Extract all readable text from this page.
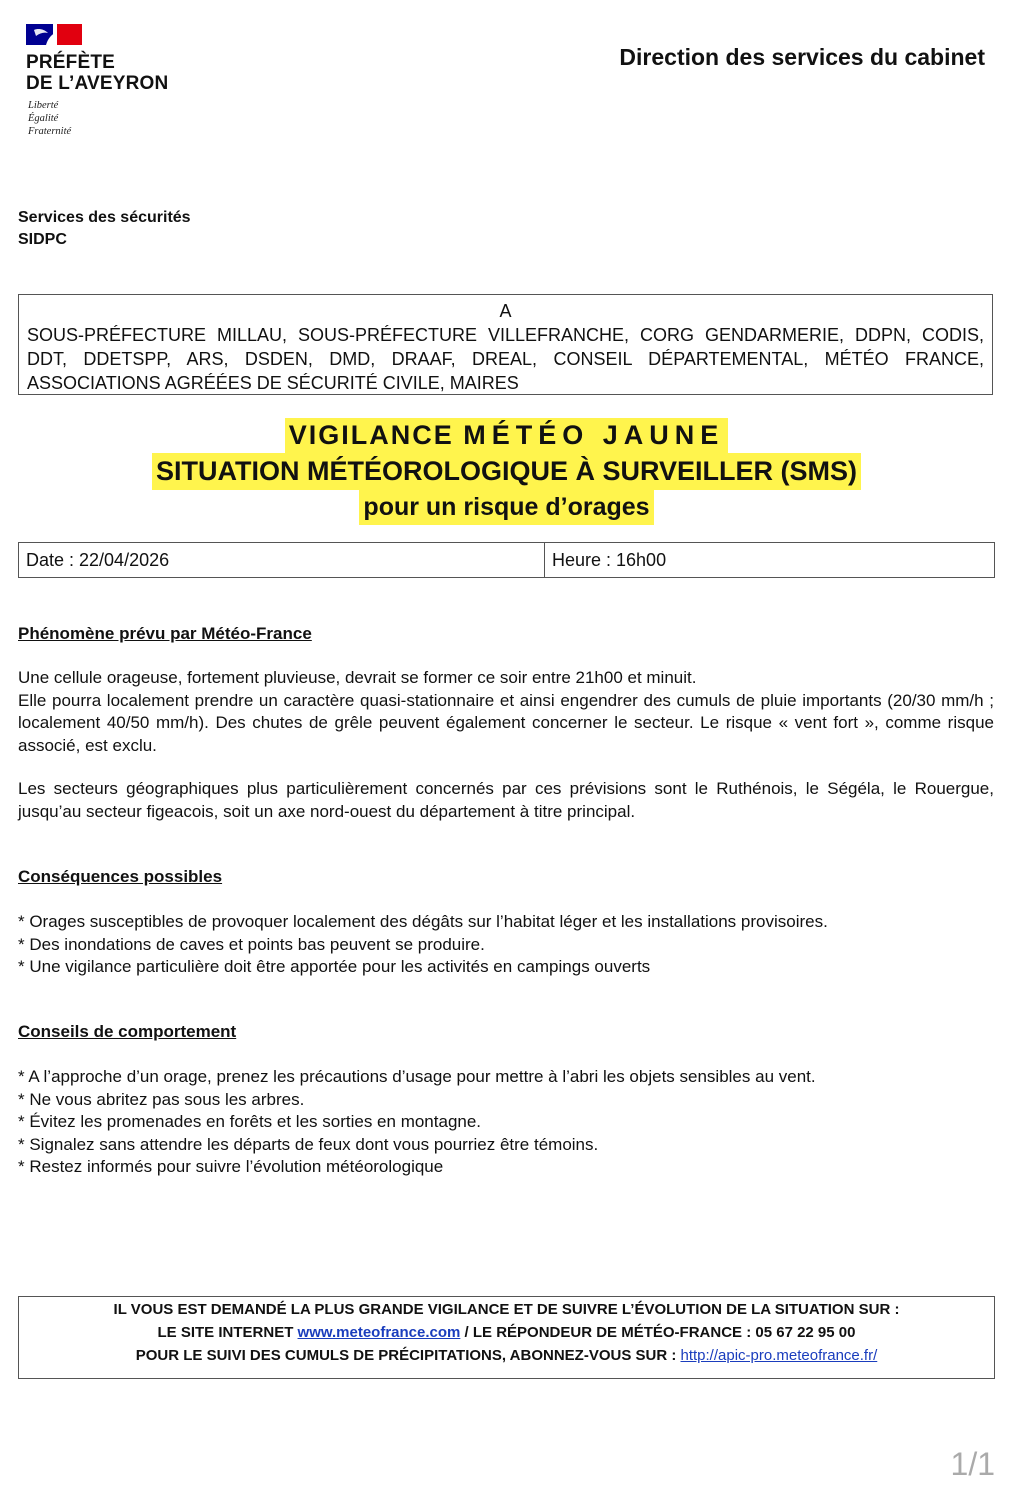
PRÉFÈTE
DE L’AVEYRON
Liberté
Égalité
Fraternité
Direction des services du cabinet
Services des sécurités
SIDPC
A
SOUS-PRÉFECTURE MILLAU, SOUS-PRÉFECTURE VILLEFRANCHE, CORG GENDARMERIE, DDPN, CODIS, DDT, DDETSPP, ARS, DSDEN, DMD, DRAAF, DREAL, CONSEIL DÉPARTEMENTAL, MÉTÉO FRANCE, ASSOCIATIONS AGRÉÉES DE SÉCURITÉ CIVILE, MAIRES
VIGILANCE MÉTÉO JAUNE
SITUATION MÉTÉOROLOGIQUE À SURVEILLER (SMS)
pour un risque d’orages
Date : 22/04/2026	Heure : 16h00
Phénomène prévu par Météo-France
Une cellule orageuse, fortement pluvieuse, devrait se former ce soir entre 21h00 et minuit.
Elle pourra localement prendre un caractère quasi-stationnaire et ainsi engendrer des cumuls de pluie importants (20/30 mm/h ; localement 40/50 mm/h). Des chutes de grêle peuvent également concerner le secteur. Le risque « vent fort », comme risque associé, est exclu.
Les secteurs géographiques plus particulièrement concernés par ces prévisions sont le Ruthénois, le Ségéla, le Rouergue, jusqu’au secteur figeacois, soit un axe nord-ouest du département à titre principal.
Conséquences possibles
* Orages susceptibles de provoquer localement des dégâts sur l’habitat léger et les installations provisoires.
* Des inondations de caves et points bas peuvent se produire.
* Une vigilance particulière doit être apportée pour les activités en campings ouverts
Conseils de comportement
* A l’approche d’un orage, prenez les précautions d’usage pour mettre à l’abri les objets sensibles au vent.
* Ne vous abritez pas sous les arbres.
* Évitez les promenades en forêts et les sorties en montagne.
* Signalez sans attendre les départs de feux dont vous pourriez être témoins.
* Restez informés pour suivre l’évolution météorologique
IL VOUS EST DEMANDÉ LA PLUS GRANDE VIGILANCE ET DE SUIVRE L’ÉVOLUTION DE LA SITUATION SUR :
LE SITE INTERNET www.meteofrance.com / LE RÉPONDEUR DE MÉTÉO-FRANCE : 05 67 22 95 00
POUR LE SUIVI DES CUMULS DE PRÉCIPITATIONS, ABONNEZ-VOUS SUR : http://apic-pro.meteofrance.fr/
1/1
